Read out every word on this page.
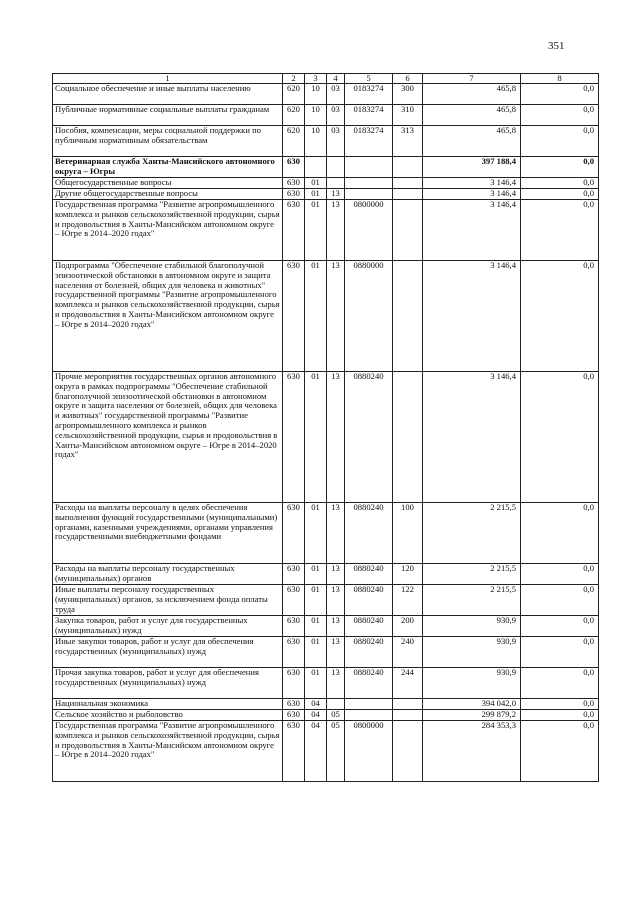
351
1	2	3	4	5	6	7	8
Социальное обеспечение и иные выплаты населению	620	10	03	0183274	300	465,8	0,0
Публичные нормативные социальные выплаты гражданам	620	10	03	0183274	310	465,8	0,0
Пособия, компенсации, меры социальной поддержки по публичным нормативным обязательствам	620	10	03	0183274	313	465,8	0,0
Ветеринарная служба Ханты-Мансийского автономного округа – Югры	630					397 188,4	0,0
Общегосударственные вопросы	630	01				3 146,4	0,0
Другие общегосударственные вопросы	630	01	13			3 146,4	0,0
Государственная программа "Развитие агропромышленного комплекса и рынков сельскохозяйственной продукции, сырья и продовольствия в Ханты-Мансийском автономном округе – Югре в 2014–2020 годах"	630	01	13	0800000		3 146,4	0,0
Подпрограмма "Обеспечение стабильной благополучной эпизоотической обстановки в автономном округе и защита населения от болезней, общих для человека и животных" государственной программы "Развитие агропромышленного комплекса и рынков сельскохозяйственной продукции, сырья и продовольствия в Ханты-Мансийском автономном округе – Югре в 2014–2020 годах"	630	01	13	0880000		3 146,4	0,0
Прочие мероприятия государственных органов автономного округа в рамках подпрограммы "Обеспечение стабильной благополучной эпизоотической обстановки в автономном округе и защита населения от болезней, общих для человека и животных" государственной программы "Развитие агропромышленного комплекса и рынков сельскохозяйственной продукции, сырья и продовольствия в Ханты-Мансийском автономном округе – Югре в 2014–2020 годах"	630	01	13	0880240		3 146,4	0,0
Расходы на выплаты персоналу в целях обеспечения выполнения функций государственными (муниципальными) органами, казенными учреждениями, органами управления государственными внебюджетными фондами	630	01	13	0880240	100	2 215,5	0,0
Расходы на выплаты персоналу государственных (муниципальных) органов	630	01	13	0880240	120	2 215,5	0,0
Иные выплаты персоналу государственных (муниципальных) органов, за исключением фонда оплаты труда	630	01	13	0880240	122	2 215,5	0,0
Закупка товаров, работ и услуг для государственных (муниципальных) нужд	630	01	13	0880240	200	930,9	0,0
Иные закупки товаров, работ и услуг для обеспечения государственных (муниципальных) нужд	630	01	13	0880240	240	930,9	0,0
Прочая закупка товаров, работ и услуг для обеспечения государственных (муниципальных) нужд	630	01	13	0880240	244	930,9	0,0
Национальная экономика	630	04				394 042,0	0,0
Сельское хозяйство и рыболовство	630	04	05			299 879,2	0,0
Государственная программа "Развитие агропромышленного комплекса и рынков сельскохозяйственной продукции, сырья и продовольствия в Ханты-Мансийском автономном округе – Югре в 2014–2020 годах"	630	04	05	0800000		284 353,3	0,0
